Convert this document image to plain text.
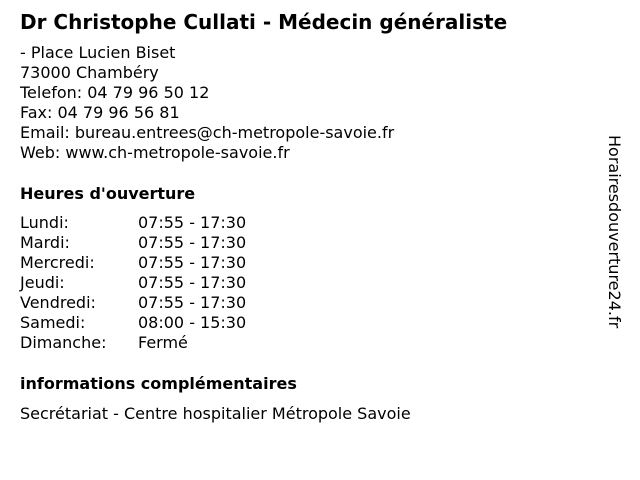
Dr Christophe Cullati - Médecin généraliste
- Place Lucien Biset
73000 Chambéry
Telefon: 04 79 96 50 12
Fax: 04 79 96 56 81
Email: bureau.entrees@ch-metropole-savoie.fr
Web: www.ch-metropole-savoie.fr
Heures d'ouverture
Lundi:	07:55 - 17:30
Mardi:	07:55 - 17:30
Mercredi:	07:55 - 17:30
Jeudi:	07:55 - 17:30
Vendredi:	07:55 - 17:30
Samedi:	08:00 - 15:30
Dimanche: Fermé
informations complémentaires
Secrétariat - Centre hospitalier Métropole Savoie
Horairesdouverture24.fr
